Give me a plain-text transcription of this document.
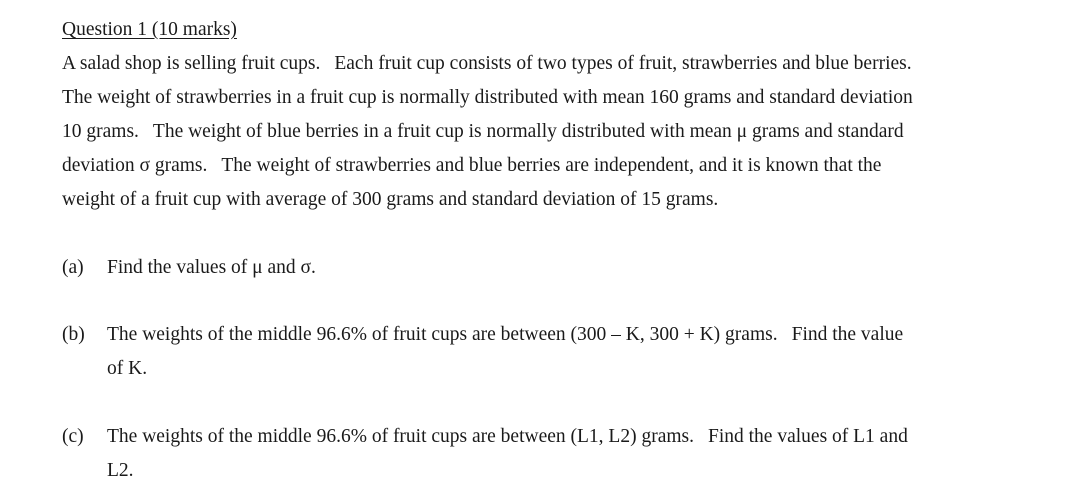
Question 1 (10 marks)
A salad shop is selling fruit cups. Each fruit cup consists of two types of fruit, strawberries and blue berries.
The weight of strawberries in a fruit cup is normally distributed with mean 160 grams and standard deviation
10 grams. The weight of blue berries in a fruit cup is normally distributed with mean μ grams and standard
deviation σ grams. The weight of strawberries and blue berries are independent, and it is known that the
weight of a fruit cup with average of 300 grams and standard deviation of 15 grams.
(a) Find the values of μ and σ.
(b) The weights of the middle 96.6% of fruit cups are between (300 – K, 300 + K) grams. Find the value
of K.
(c) The weights of the middle 96.6% of fruit cups are between (L1, L2) grams. Find the values of L1 and
L2.
